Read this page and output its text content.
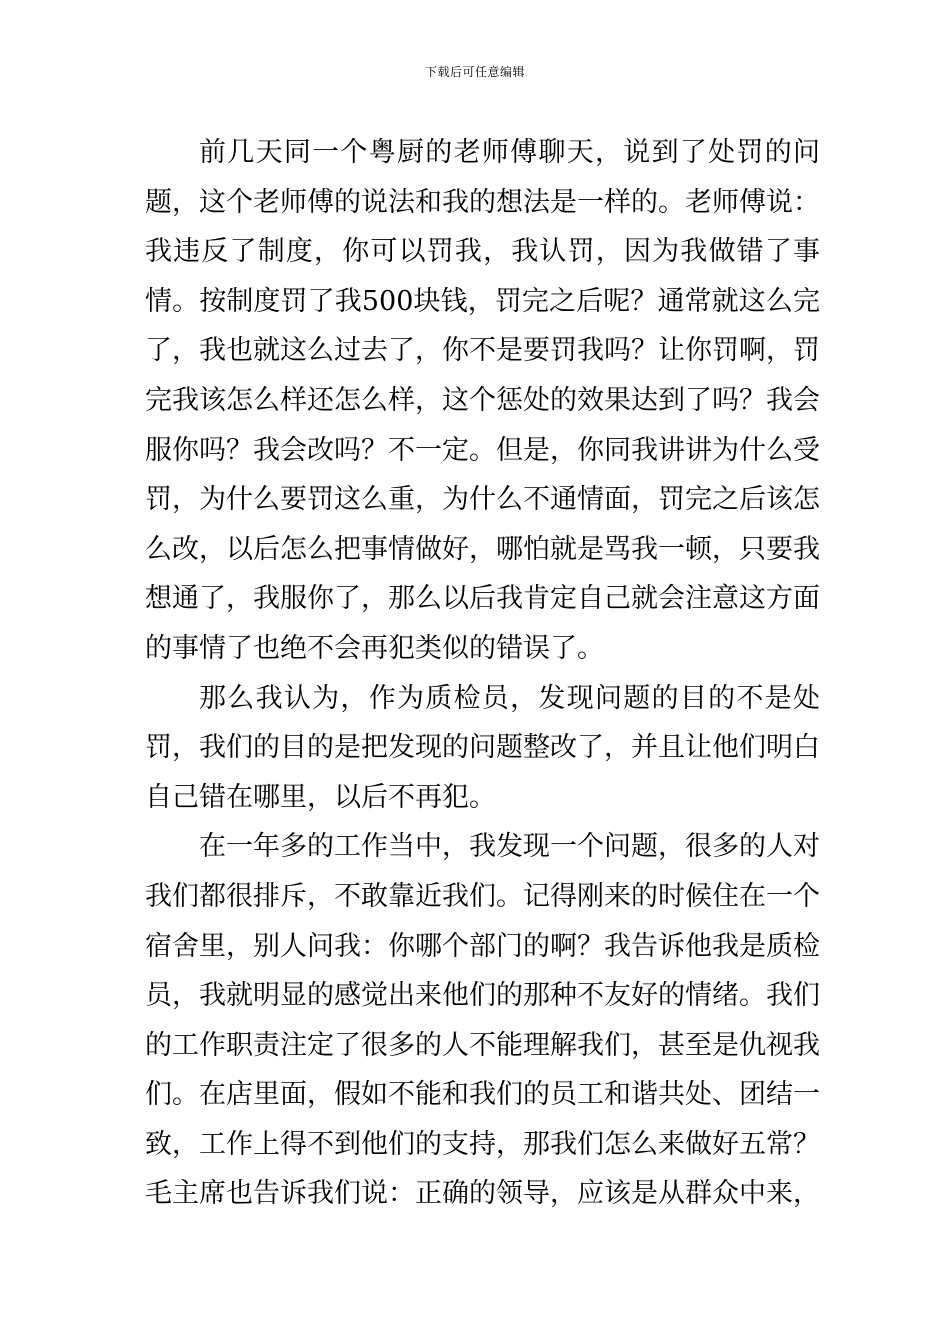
下载后可任意编辑

前几天同一个粤厨的老师傅聊天，说到了处罚的问题，这个老师傅的说法和我的想法是一样的。老师傅说：我违反了制度，你可以罚我，我认罚，因为我做错了事情。按制度罚了我500块钱，罚完之后呢？通常就这么完了，我也就这么过去了，你不是要罚我吗？让你罚啊，罚完我该怎么样还怎么样，这个惩处的效果达到了吗？我会服你吗？我会改吗？不一定。但是，你同我讲讲为什么受罚，为什么要罚这么重，为什么不通情面，罚完之后该怎么改，以后怎么把事情做好，哪怕就是骂我一顿，只要我想通了，我服你了，那么以后我肯定自己就会注意这方面的事情了也绝不会再犯类似的错误了。

那么我认为，作为质检员，发现问题的目的不是处罚，我们的目的是把发现的问题整改了，并且让他们明白自己错在哪里，以后不再犯。

在一年多的工作当中，我发现一个问题，很多的人对我们都很排斥，不敢靠近我们。记得刚来的时候住在一个宿舍里，别人问我：你哪个部门的啊？我告诉他我是质检员，我就明显的感觉出来他们的那种不友好的情绪。我们的工作职责注定了很多的人不能理解我们，甚至是仇视我们。在店里面，假如不能和我们的员工和谐共处、团结一致，工作上得不到他们的支持，那我们怎么来做好五常？毛主席也告诉我们说：正确的领导，应该是从群众中来，
